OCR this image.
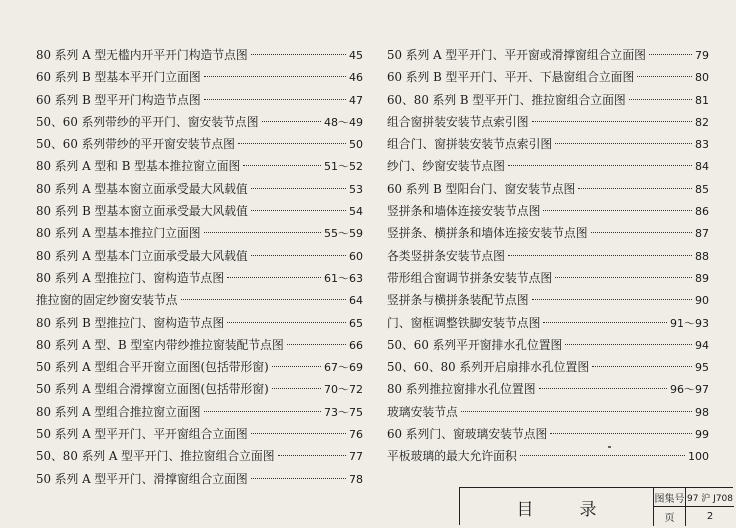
80 系列 A 型无槛内开平开门构造节点图	45
60 系列 B 型基本平开门立面图	46
60 系列 B 型平开门构造节点图	47
50、60 系列带纱的平开门、窗安装节点图	48～49
50、60 系列带纱的平开窗安装节点图	50
80 系列 A 型和 B 型基本推拉窗立面图	51～52
80 系列 A 型基本窗立面承受最大风载值	53
80 系列 B 型基本窗立面承受最大风载值	54
80 系列 A 型基本推拉门立面图	55～59
80 系列 A 型基本门立面承受最大风载值	60
80 系列 A 型推拉门、窗构造节点图	61～63
推拉窗的固定纱窗安装节点	64
80 系列 B 型推拉门、窗构造节点图	65
80 系列 A 型、B 型室内带纱推拉窗装配节点图	66
50 系列 A 型组合平开窗立面图(包括带形窗)	67～69
50 系列 A 型组合滑撑窗立面图(包括带形窗)	70～72
80 系列 A 型组合推拉窗立面图	73～75
50 系列 A 型平开门、平开窗组合立面图	76
50、80 系列 A 型平开门、推拉窗组合立面图	77
50 系列 A 型平开门、滑撑窗组合立面图	78
50 系列 A 型平开门、平开窗或滑撑窗组合立面图	79
60 系列 B 型平开门、平开、下悬窗组合立面图	80
60、80 系列 B 型平开门、推拉窗组合立面图	81
组合窗拼装安装节点索引图	82
组合门、窗拼装安装节点索引图	83
纱门、纱窗安装节点图	84
60 系列 B 型阳台门、窗安装节点图	85
竖拼条和墙体连接安装节点图	86
竖拼条、横拼条和墙体连接安装节点图	87
各类竖拼条安装节点图	88
带形组合窗调节拼条安装节点图	89
竖拼条与横拼条装配节点图	90
门、窗框调整铁脚安装节点图	91～93
50、60 系列平开窗排水孔位置图	94
50、60、80 系列开启扇排水孔位置图	95
80 系列推拉窗排水孔位置图	96～97
玻璃安装节点	98
60 系列门、窗玻璃安装节点图	99
平板玻璃的最大允许面积	100
目录
图集号 97 沪 J708
页	2
